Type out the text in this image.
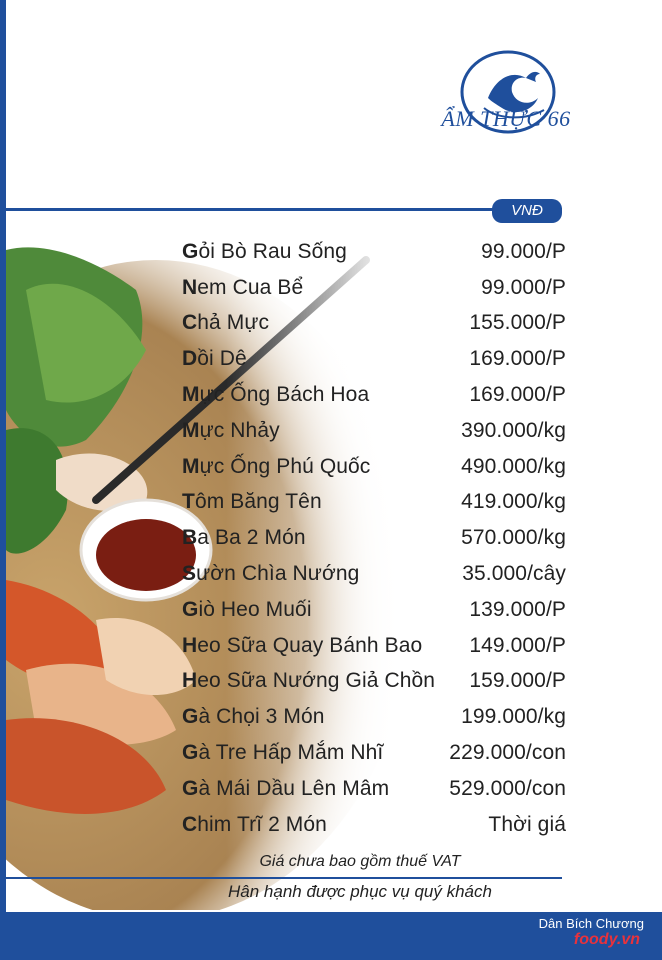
ẨM THỰC 66
VNĐ
Gỏi Bò Rau Sống	99.000/P
Nem Cua Bể	99.000/P
Chả Mực	155.000/P
Dồi Dê	169.000/P
Mực Ống Bách Hoa	169.000/P
Mực Nhảy	390.000/kg
Mực Ống Phú Quốc	490.000/kg
Tôm Băng Tên	419.000/kg
Ba Ba 2 Món	570.000/kg
Sườn Chìa Nướng	35.000/cây
Giò Heo Muối	139.000/P
Heo Sữa Quay Bánh Bao 149.000/P
Heo Sữa Nướng Giả Chồn 159.000/P
Gà Chọi 3 Món	199.000/kg
Gà Tre Hấp Mắm Nhĩ	229.000/con
Gà Mái Dầu Lên Mâm	529.000/con
Chim Trĩ 2 Món	Thời giá
Giá chưa bao gồm thuế VAT
Hân hạnh được phục vụ quý khách
Dân Bích Chương
foody.vn
